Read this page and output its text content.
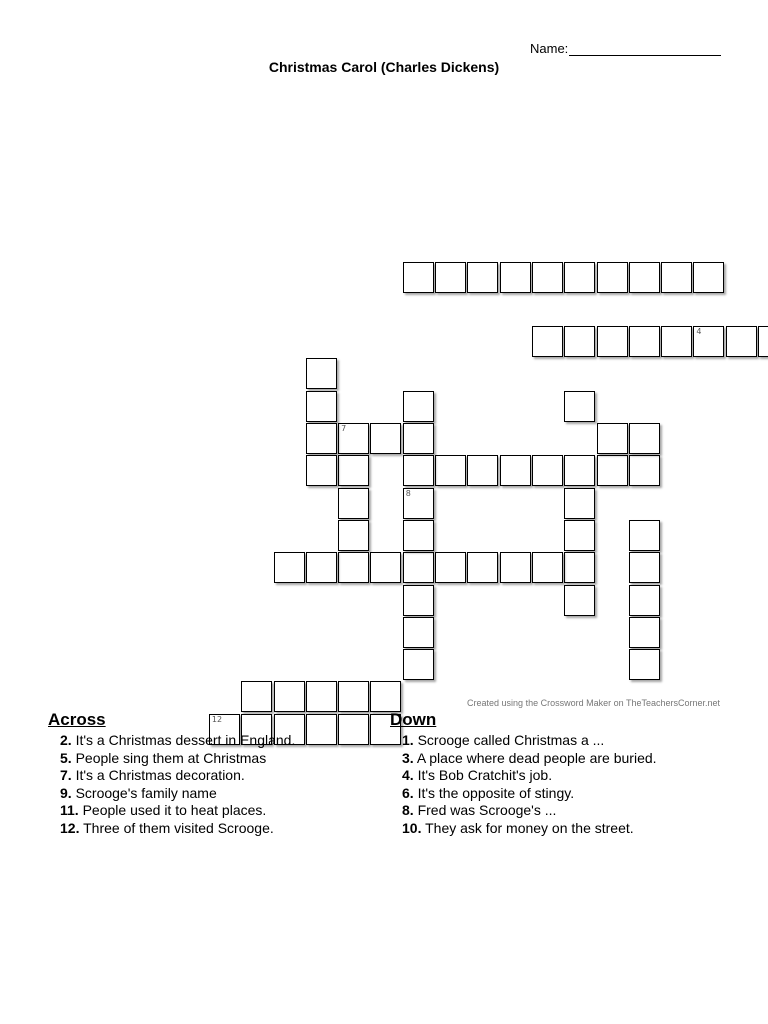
Name:
Christmas Carol (Charles Dickens)
7
4
8
12
Created using the Crossword Maker on TheTeachersCorner.net
Across
2. It's a Christmas dessert in England.
5. People sing them at Christmas
7. It's a Christmas decoration.
9. Scrooge's family name
11. People used it to heat places.
12. Three of them visited Scrooge.
Down
1. Scrooge called Christmas a ...
3. A place where dead people are buried.
4. It's Bob Cratchit's job.
6. It's the opposite of stingy.
8. Fred was Scrooge's ...
10. They ask for money on the street.
